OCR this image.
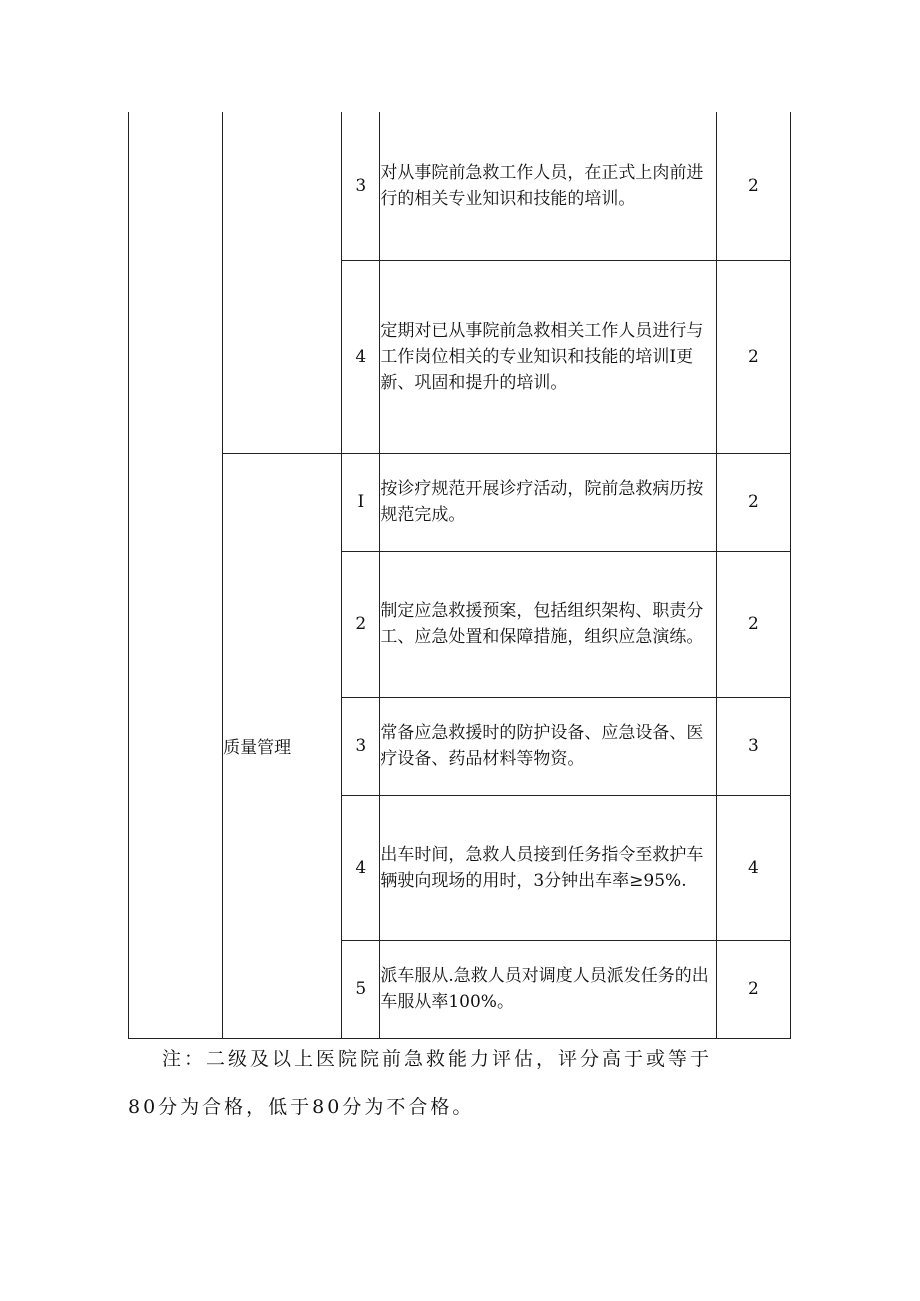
		3	对从事院前急救工作人员，在正式上肉前进行的相关专业知识和技能的培训。	2
		4	定期对已从事院前急救相关工作人员进行与工作岗位相关的专业知识和技能的培训I更新、巩固和提升的培训。	2
	质量管理	I	按诊疗规范开展诊疗活动，院前急救病历按规范完成。	2
		2	制定应急救援预案，包括组织架构、职责分工、应急处置和保障措施，组织应急演练。	2
		3	常备应急救援时的防护设备、应急设备、医疗设备、药品材料等物资。	3
		4	出车时间，急救人员接到任务指令至救护车辆驶向现场的用时，3分钟出车率≥95%.	4
		5	派车服从.急救人员对调度人员派发任务的出车服从率100%。	2
注：二级及以上医院院前急救能力评估，评分高于或等于
80分为合格，低于80分为不合格。
